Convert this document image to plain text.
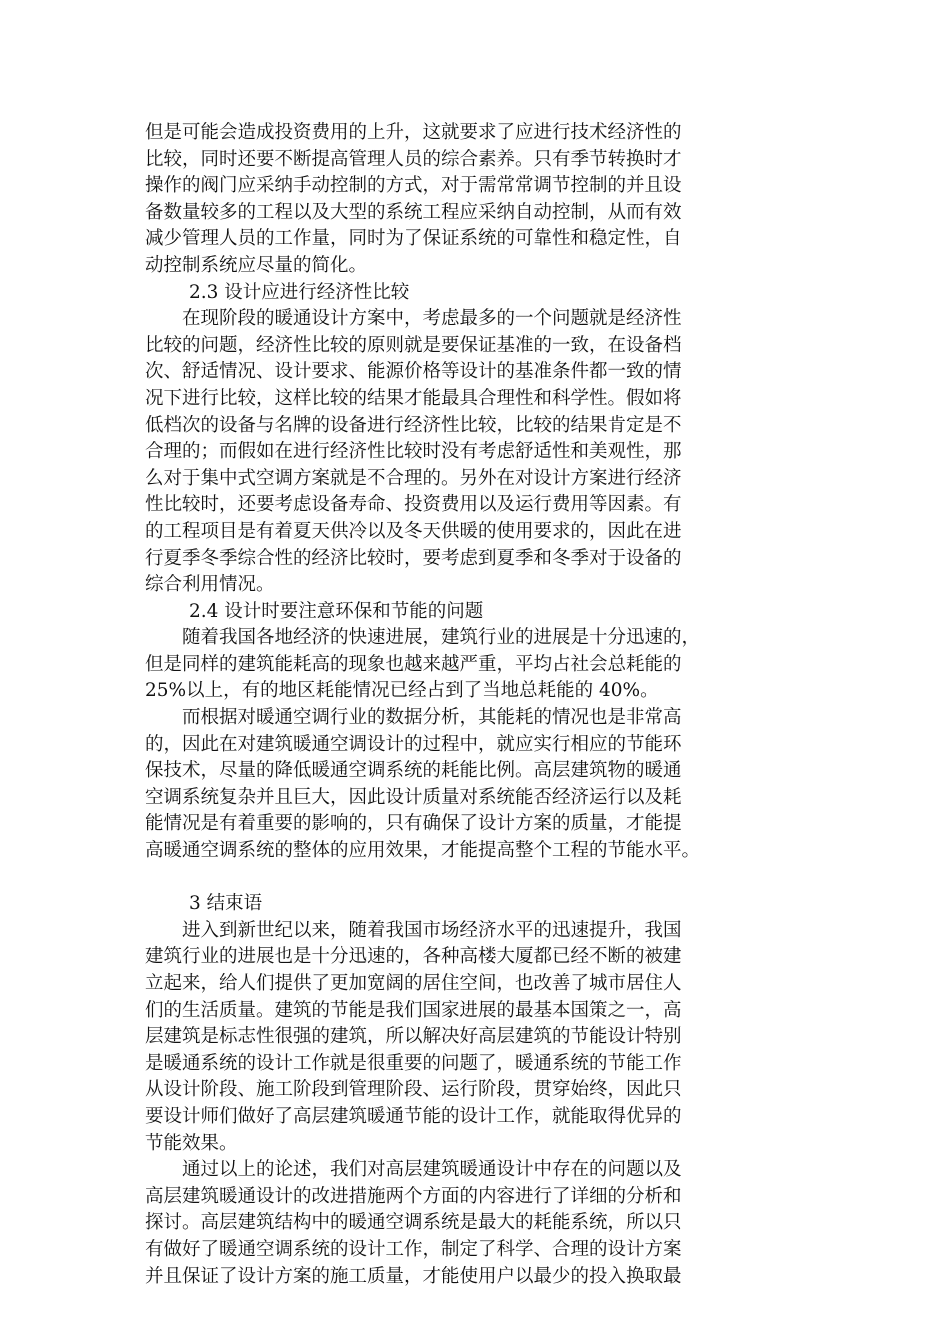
但是可能会造成投资费用的上升，这就要求了应进行技术经济性的
比较，同时还要不断提高管理人员的综合素养。只有季节转换时才
操作的阀门应采纳手动控制的方式，对于需常常调节控制的并且设
备数量较多的工程以及大型的系统工程应采纳自动控制，从而有效
减少管理人员的工作量，同时为了保证系统的可靠性和稳定性，自
动控制系统应尽量的简化。
2.3 设计应进行经济性比较
　　在现阶段的暖通设计方案中，考虑最多的一个问题就是经济性
比较的问题，经济性比较的原则就是要保证基准的一致，在设备档
次、舒适情况、设计要求、能源价格等设计的基准条件都一致的情
况下进行比较，这样比较的结果才能最具合理性和科学性。假如将
低档次的设备与名牌的设备进行经济性比较，比较的结果肯定是不
合理的；而假如在进行经济性比较时没有考虑舒适性和美观性，那
么对于集中式空调方案就是不合理的。另外在对设计方案进行经济
性比较时，还要考虑设备寿命、投资费用以及运行费用等因素。有
的工程项目是有着夏天供冷以及冬天供暖的使用要求的，因此在进
行夏季冬季综合性的经济比较时，要考虑到夏季和冬季对于设备的
综合利用情况。
2.4 设计时要注意环保和节能的问题
　　随着我国各地经济的快速进展，建筑行业的进展是十分迅速的，
但是同样的建筑能耗高的现象也越来越严重，平均占社会总耗能的
25%以上，有的地区耗能情况已经占到了当地总耗能的 40%。
　　而根据对暖通空调行业的数据分析，其能耗的情况也是非常高
的，因此在对建筑暖通空调设计的过程中，就应实行相应的节能环
保技术，尽量的降低暖通空调系统的耗能比例。高层建筑物的暖通
空调系统复杂并且巨大，因此设计质量对系统能否经济运行以及耗
能情况是有着重要的影响的，只有确保了设计方案的质量，才能提
高暖通空调系统的整体的应用效果，才能提高整个工程的节能水平。
3 结束语
　　进入到新世纪以来，随着我国市场经济水平的迅速提升，我国
建筑行业的进展也是十分迅速的，各种高楼大厦都已经不断的被建
立起来，给人们提供了更加宽阔的居住空间，也改善了城市居住人
们的生活质量。建筑的节能是我们国家进展的最基本国策之一，高
层建筑是标志性很强的建筑，所以解决好高层建筑的节能设计特别
是暖通系统的设计工作就是很重要的问题了，暖通系统的节能工作
从设计阶段、施工阶段到管理阶段、运行阶段，贯穿始终，因此只
要设计师们做好了高层建筑暖通节能的设计工作，就能取得优异的
节能效果。
　　通过以上的论述，我们对高层建筑暖通设计中存在的问题以及
高层建筑暖通设计的改进措施两个方面的内容进行了详细的分析和
探讨。高层建筑结构中的暖通空调系统是最大的耗能系统，所以只
有做好了暖通空调系统的设计工作，制定了科学、合理的设计方案
并且保证了设计方案的施工质量，才能使用户以最少的投入换取最
